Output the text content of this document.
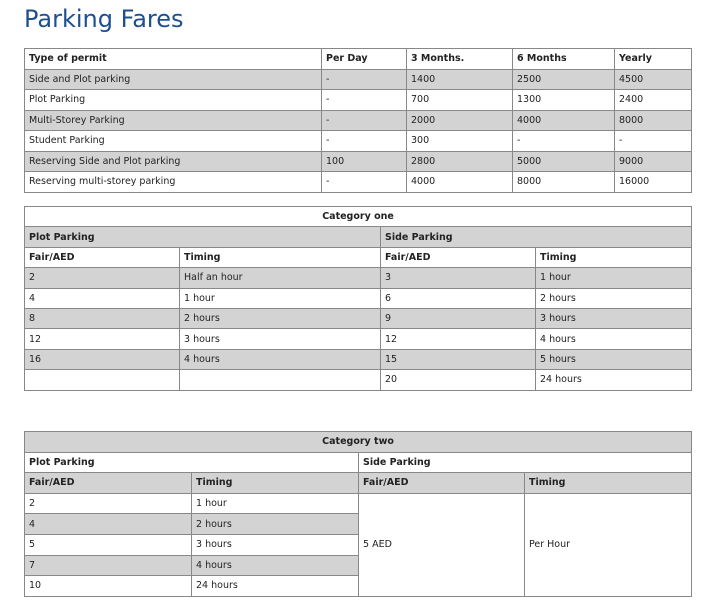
Parking Fares
Type of permit	Per Day	3 Months.	6 Months	Yearly
Side and Plot parking	-	1400	2500	4500
Plot Parking	-	700	1300	2400
Multi-Storey Parking	-	2000	4000	8000
Student Parking	-	300	-	-
Reserving Side and Plot parking	100	2800	5000	9000
Reserving multi-storey parking	-	4000	8000	16000
Category one			
Plot Parking		Side Parking	
Fair/AED	Timing	Fair/AED	Timing
2	Half an hour	3	1 hour
4	1 hour	6	2 hours
8	2 hours	9	3 hours
12	3 hours	12	4 hours
16	4 hours	15	5 hours
		20	24 hours
Category two			
Plot Parking		Side Parking	
Fair/AED	Timing	Fair/AED	Timing
2	1 hour	5 AED	Per Hour
4	2 hours		
5	3 hours		
7	4 hours		
10	24 hours		
